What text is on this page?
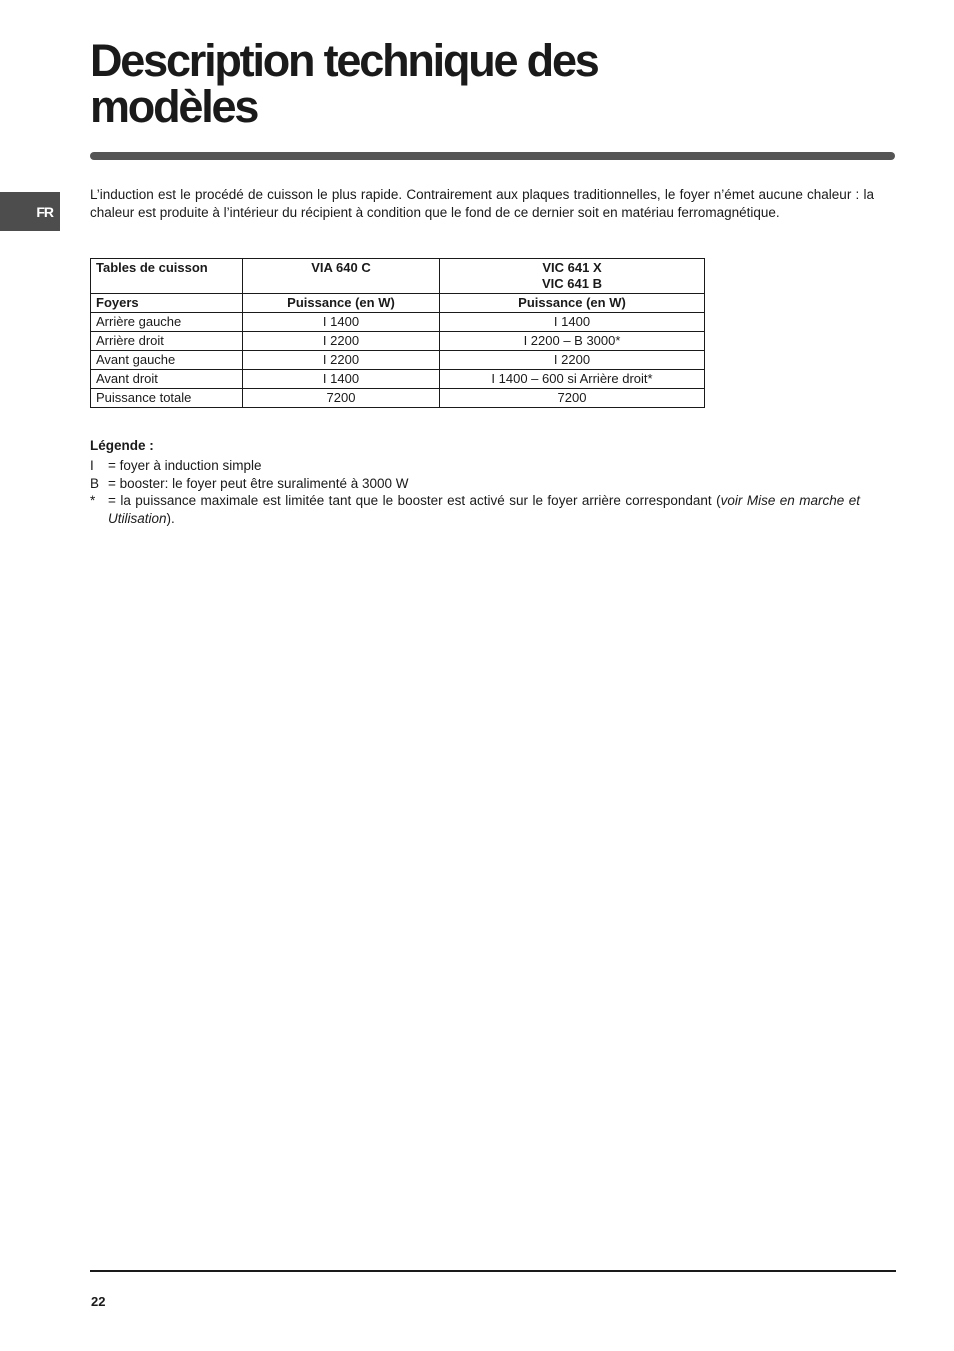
Description technique des
modèles
FR

L’induction est le procédé de cuisson le plus rapide. Contrairement aux plaques traditionnelles, le foyer n’émet aucune chaleur : la chaleur est produite à l’intérieur du récipient à condition que le fond de ce dernier soit en matériau ferromagnétique.

Tables de cuisson	VIA 640 C	VIC 641 X
VIC 641 B

Foyers	Puissance (en W)	Puissance (en W)
Arrière gauche	I 1400	I 1400
Arrière droit	I 2200	I 2200 – B 3000*
Avant gauche	I 2200	I 2200
Avant droit	I 1400	I 1400 – 600 si Arrière droit*
Puissance totale	7200	7200

Légende :

I	= foyer à induction simple
B = booster: le foyer peut être suralimenté à 3000 W
* = la puissance maximale est limitée tant que le booster est activé sur le foyer arrière correspondant (voir Mise en marche et Utilisation).
22
